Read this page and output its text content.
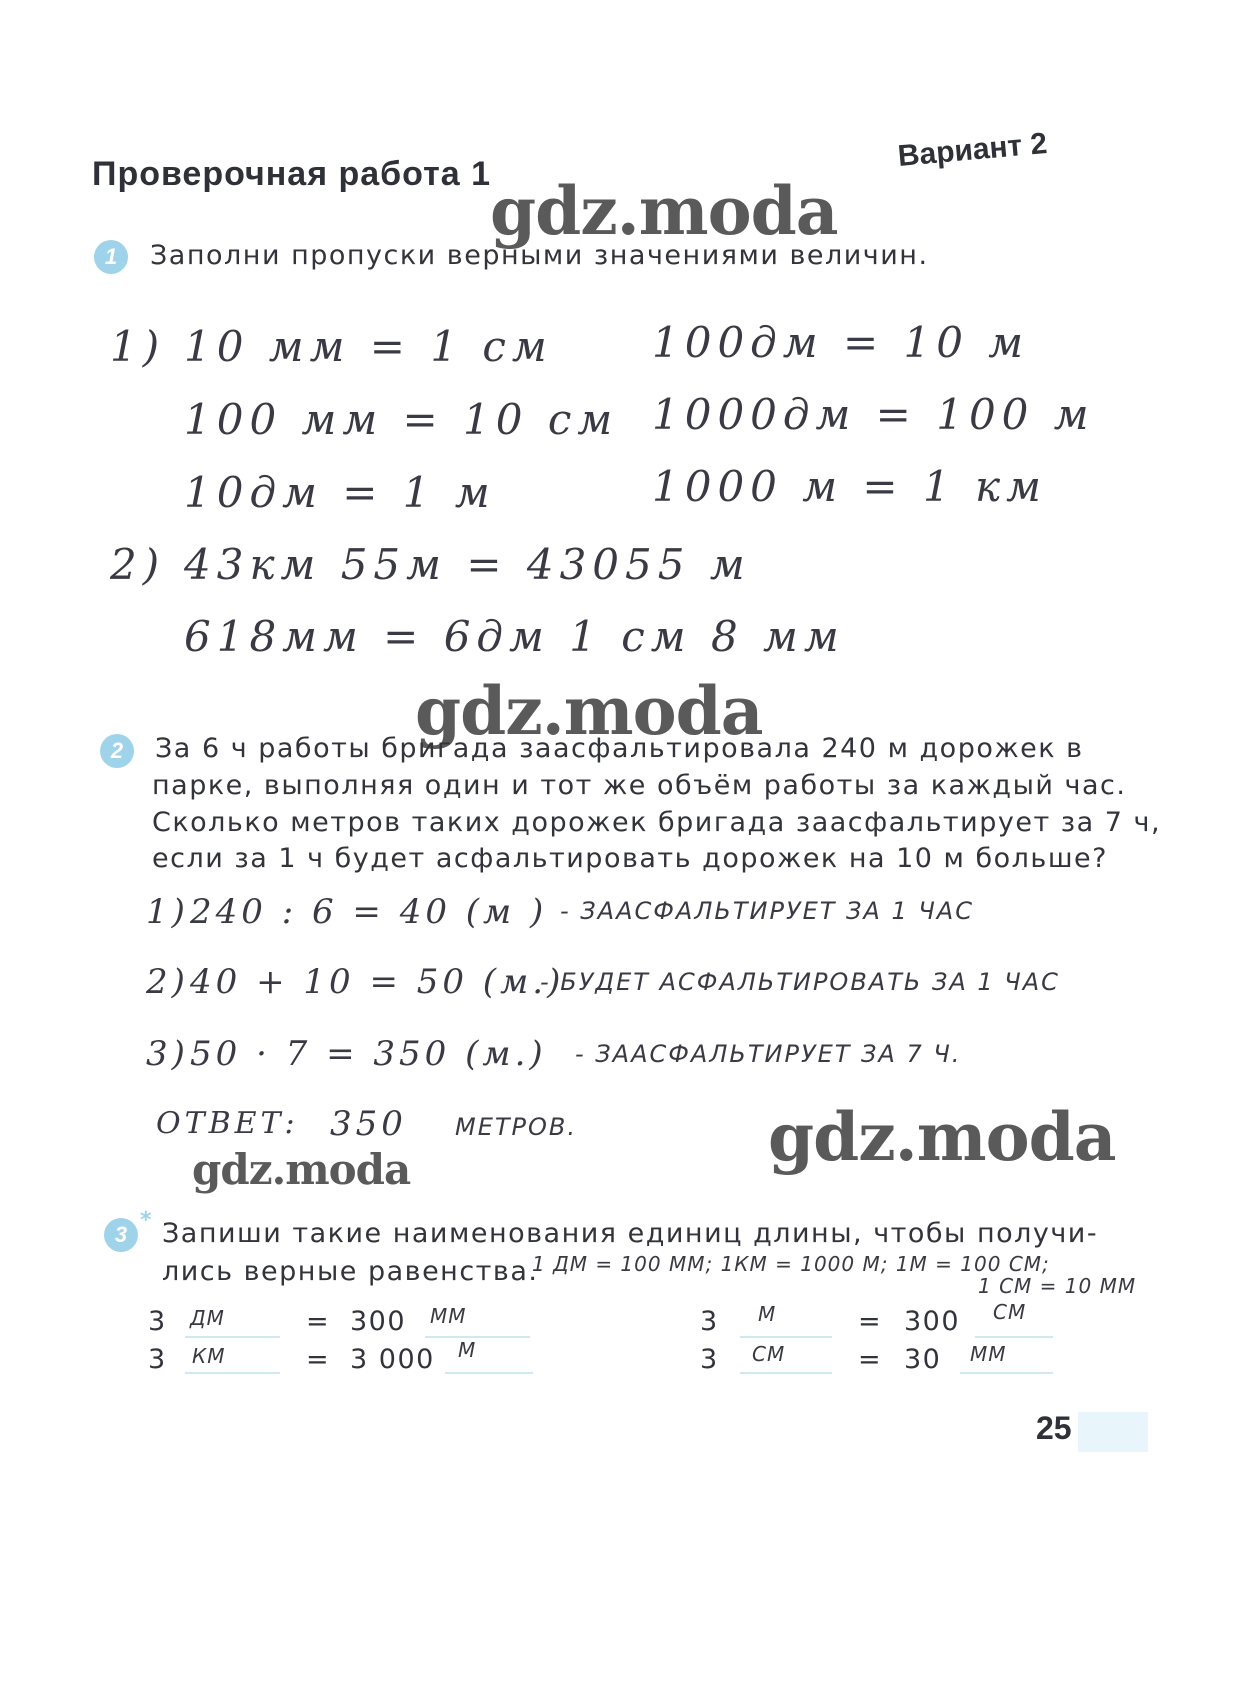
Проверочная работа 1
Вариант 2
gdz.moda
1	Заполни пропуски верными значениями величин.
1) 10 мм = 1 см 100дм = 10 м
100 мм = 10 см 1000дм = 100 м
10дм = 1 м	1000 м = 1 км
2) 43км 55м = 43055 м
618мм = 6дм 1 см 8 мм
gdz.moda
2	За 6 ч работы бригада заасфальтировала 240 м дорожек в
парке, выполняя один и тот же объём работы за каждый час.
Сколько метров таких дорожек бригада заасфальтирует за 7 ч,
если за 1 ч будет асфальтировать дорожек на 10 м больше?
1) 240 : 6 = 40 (м ) - ЗААСФАЛЬТИРУЕТ ЗА 1 ЧАС
2) 40 + 10 = 50 (м.)
- БУДЕТ АСФАЛЬТИРОВАТЬ ЗА 1 ЧАС
3) 50 · 7 = 350 (м.) - ЗААСФАЛЬТИРУЕТ ЗА 7 Ч.
ОТВЕТ: 350 МЕТРОВ.	gdz.moda
gdz.moda
3
* Запиши такие наименования единиц длины, чтобы получи-
лись верные равенства.
1 ДМ = 100 ММ; 1КМ = 1000 М; 1М = 100 СМ;
1 СМ = 10 ММ
3 ДМ	= 300 ММ
3 КМ	= 3 000 М
3 М	= 300 СМ
3 СМ	= 30 ММ
25
